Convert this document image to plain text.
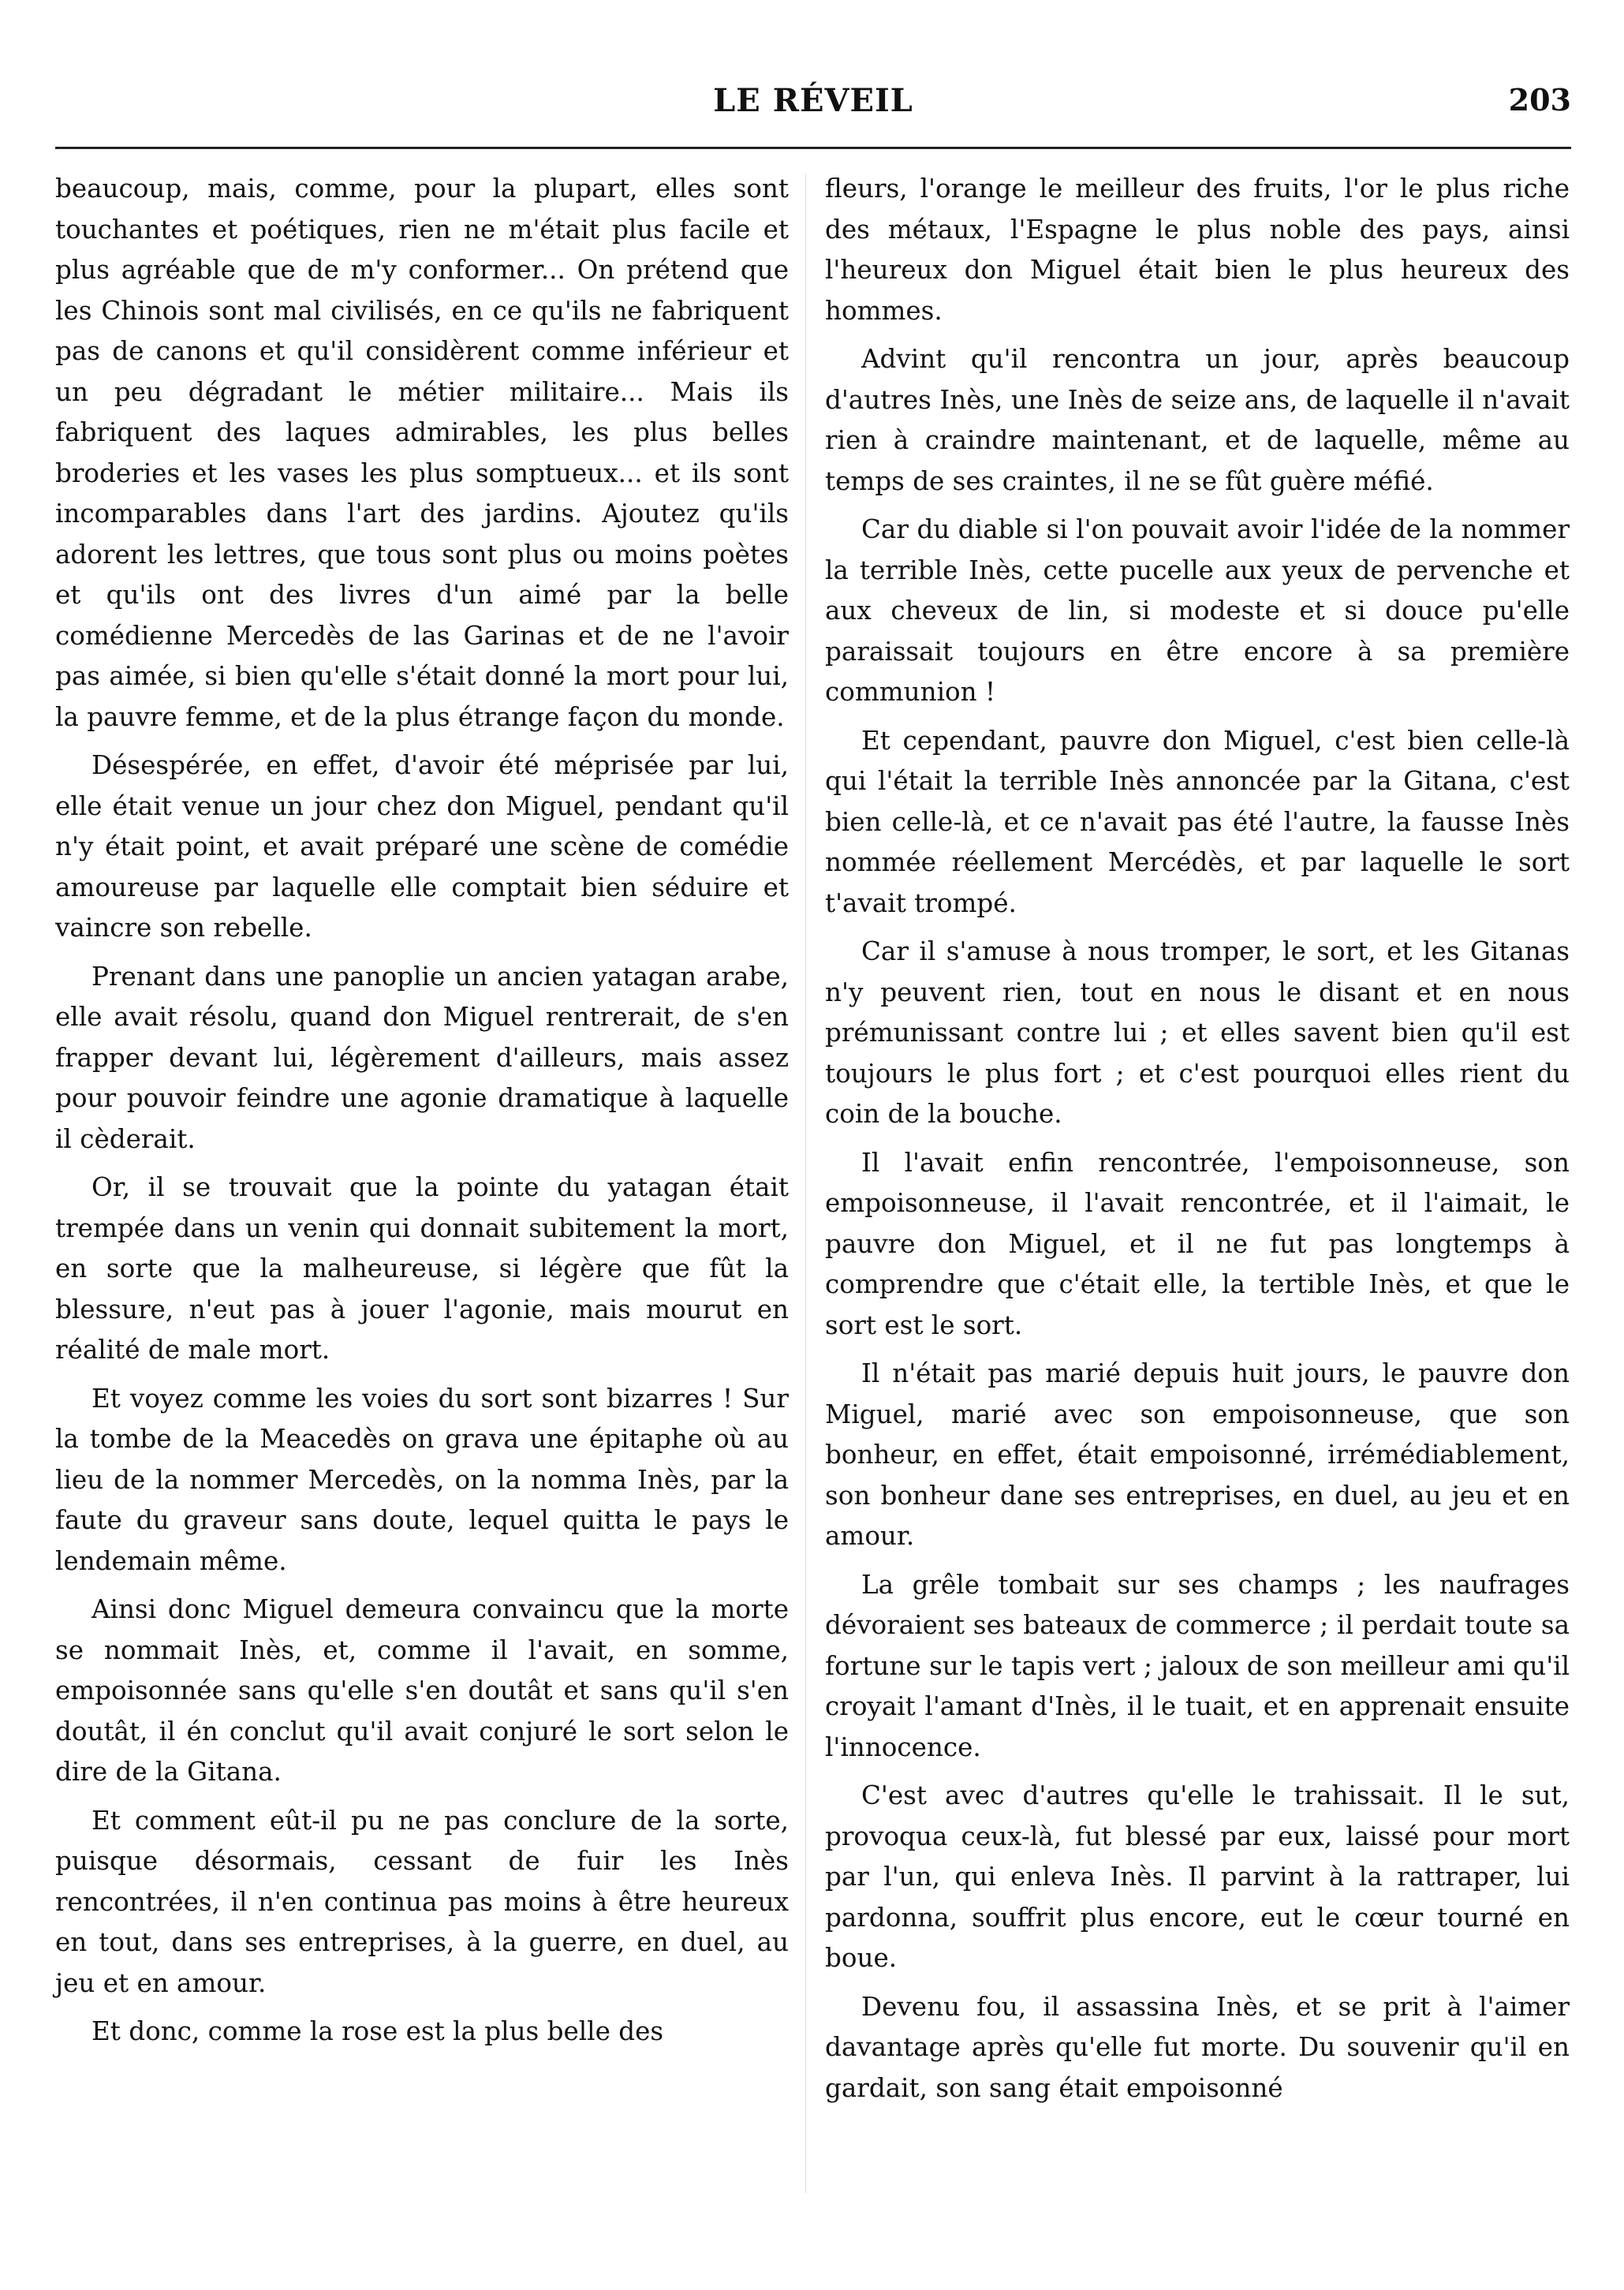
LE RÉVEIL	203

beaucoup, mais, comme, pour la plupart, elles sont touchantes et poétiques, rien ne m'était plus facile et plus agréable que de m'y conformer... On prétend que les Chinois sont mal civilisés, en ce qu'ils ne fabriquent pas de canons et qu'il considèrent comme inférieur et un peu dégradant le métier militaire... Mais ils fabriquent des laques admirables, les plus belles broderies et les vases les plus somptueux... et ils sont incomparables dans l'art des jardins. Ajoutez qu'ils adorent les lettres, que tous sont plus ou moins poètes et qu'ils ont des livres d'un aimé par la belle comédienne Mercedès de las Garinas et de ne l'avoir pas aimée, si bien qu'elle s'était donné la mort pour lui, la pauvre femme, et de la plus étrange façon du monde.

Désespérée, en effet, d'avoir été méprisée par lui, elle était venue un jour chez don Miguel, pendant qu'il n'y était point, et avait préparé une scène de comédie amoureuse par laquelle elle comptait bien séduire et vaincre son rebelle.

Prenant dans une panoplie un ancien yatagan arabe, elle avait résolu, quand don Miguel rentrerait, de s'en frapper devant lui, légèrement d'ailleurs, mais assez pour pouvoir feindre une agonie dramatique à laquelle il cèderait.

Or, il se trouvait que la pointe du yatagan était trempée dans un venin qui donnait subitement la mort, en sorte que la malheureuse, si légère que fût la blessure, n'eut pas à jouer l'agonie, mais mourut en réalité de male mort.

Et voyez comme les voies du sort sont bizarres ! Sur la tombe de la Meacedès on grava une épitaphe où au lieu de la nommer Mercedès, on la nomma Inès, par la faute du graveur sans doute, lequel quitta le pays le lendemain même.

Ainsi donc Miguel demeura convaincu que la morte se nommait Inès, et, comme il l'avait, en somme, empoisonnée sans qu'elle s'en doutât et sans qu'il s'en doutât, il én conclut qu'il avait conjuré le sort selon le dire de la Gitana.

Et comment eût-il pu ne pas conclure de la sorte, puisque désormais, cessant de fuir les Inès rencontrées, il n'en continua pas moins à être heureux en tout, dans ses entreprises, à la guerre, en duel, au jeu et en amour.

Et donc, comme la rose est la plus belle des

fleurs, l'orange le meilleur des fruits, l'or le plus riche des métaux, l'Espagne le plus noble des pays, ainsi l'heureux don Miguel était bien le plus heureux des hommes.

Advint qu'il rencontra un jour, après beaucoup d'autres Inès, une Inès de seize ans, de laquelle il n'avait rien à craindre maintenant, et de laquelle, même au temps de ses craintes, il ne se fût guère méfié.

Car du diable si l'on pouvait avoir l'idée de la nommer la terrible Inès, cette pucelle aux yeux de pervenche et aux cheveux de lin, si modeste et si douce pu'elle paraissait toujours en être encore à sa première communion !

Et cependant, pauvre don Miguel, c'est bien celle-là qui l'était la terrible Inès annoncée par la Gitana, c'est bien celle-là, et ce n'avait pas été l'autre, la fausse Inès nommée réellement Mercédès, et par laquelle le sort t'avait trompé.

Car il s'amuse à nous tromper, le sort, et les Gitanas n'y peuvent rien, tout en nous le disant et en nous prémunissant contre lui ; et elles savent bien qu'il est toujours le plus fort ; et c'est pourquoi elles rient du coin de la bouche.

Il l'avait enfin rencontrée, l'empoisonneuse, son empoisonneuse, il l'avait rencontrée, et il l'aimait, le pauvre don Miguel, et il ne fut pas longtemps à comprendre que c'était elle, la tertible Inès, et que le sort est le sort.

Il n'était pas marié depuis huit jours, le pauvre don Miguel, marié avec son empoisonneuse, que son bonheur, en effet, était empoisonné, irrémédiablement, son bonheur dane ses entreprises, en duel, au jeu et en amour.

La grêle tombait sur ses champs ; les naufrages dévoraient ses bateaux de commerce ; il perdait toute sa fortune sur le tapis vert ; jaloux de son meilleur ami qu'il croyait l'amant d'Inès, il le tuait, et en apprenait ensuite l'innocence.

C'est avec d'autres qu'elle le trahissait. Il le sut, provoqua ceux-là, fut blessé par eux, laissé pour mort par l'un, qui enleva Inès. Il parvint à la rattraper, lui pardonna, souffrit plus encore, eut le cœur tourné en boue.

Devenu fou, il assassina Inès, et se prit à l'aimer davantage après qu'elle fut morte. Du souvenir qu'il en gardait, son sang était empoisonné
